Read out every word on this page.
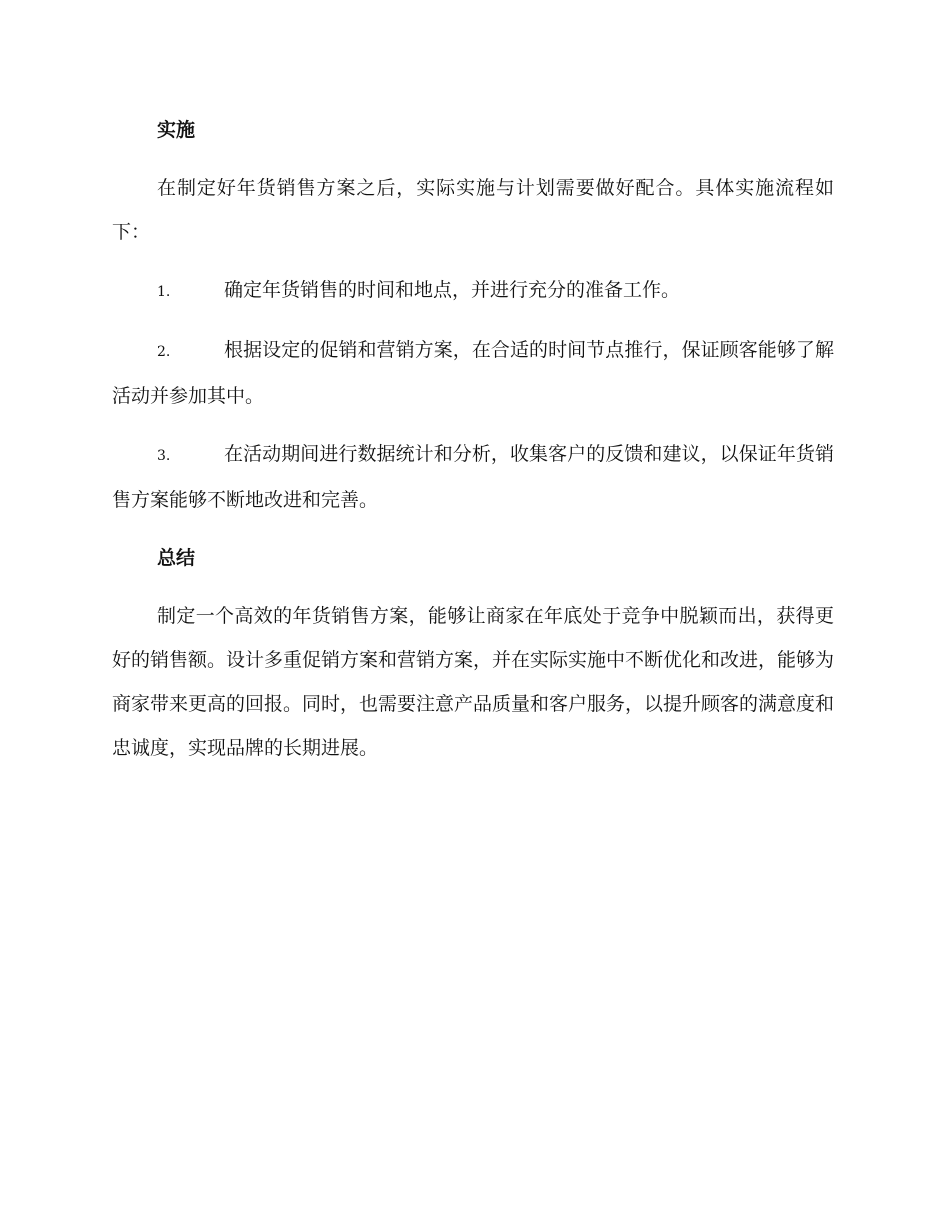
实施

在制定好年货销售方案之后，实际实施与计划需要做好配合。具体实施流程如下：

1.	确定年货销售的时间和地点，并进行充分的准备工作。

2.	根据设定的促销和营销方案，在合适的时间节点推行，保证顾客能够了解活动并参加其中。

3.	在活动期间进行数据统计和分析，收集客户的反馈和建议，以保证年货销售方案能够不断地改进和完善。

总结

制定一个高效的年货销售方案，能够让商家在年底处于竞争中脱颖而出，获得更好的销售额。设计多重促销方案和营销方案，并在实际实施中不断优化和改进，能够为商家带来更高的回报。同时，也需要注意产品质量和客户服务，以提升顾客的满意度和忠诚度，实现品牌的长期进展。
